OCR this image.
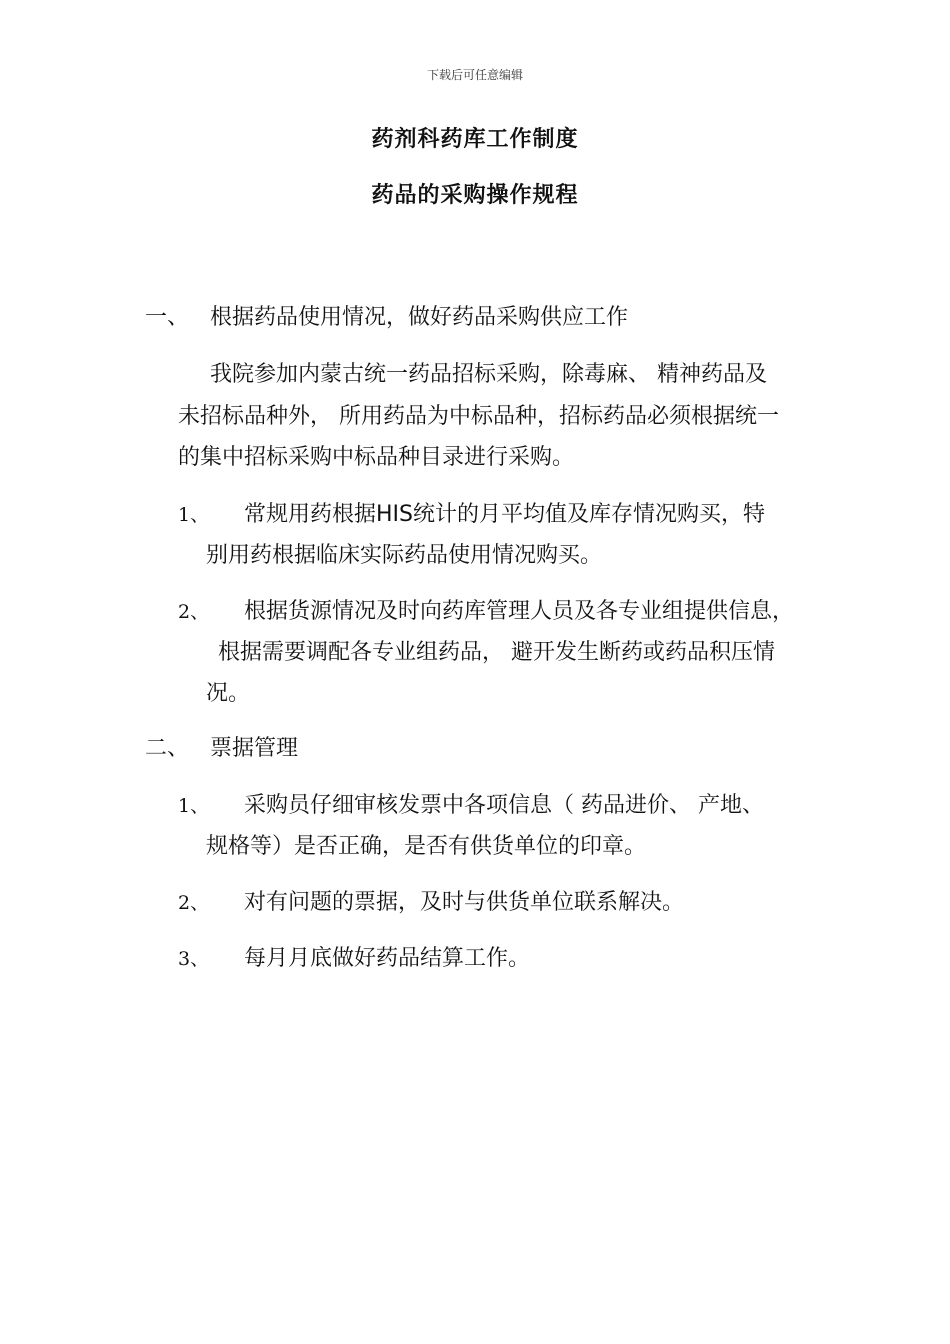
下载后可任意编辑
药剂科药库工作制度
药品的采购操作规程
一、 根据药品使用情况，做好药品采购供应工作
我院参加内蒙古统一药品招标采购，除毒麻、 精神药品及
未招标品种外， 所用药品为中标品种，招标药品必须根据统一
的集中招标采购中标品种目录进行采购。
1、 常规用药根据HIS统计的月平均值及库存情况购买，特
别用药根据临床实际药品使用情况购买。
2、 根据货源情况及时向药库管理人员及各专业组提供信息，
根据需要调配各专业组药品， 避开发生断药或药品积压情
况。
二、 票据管理
1、 采购员仔细审核发票中各项信息（ 药品进价、 产地、
规格等）是否正确，是否有供货单位的印章。
2、 对有问题的票据，及时与供货单位联系解决。
3、 每月月底做好药品结算工作。
